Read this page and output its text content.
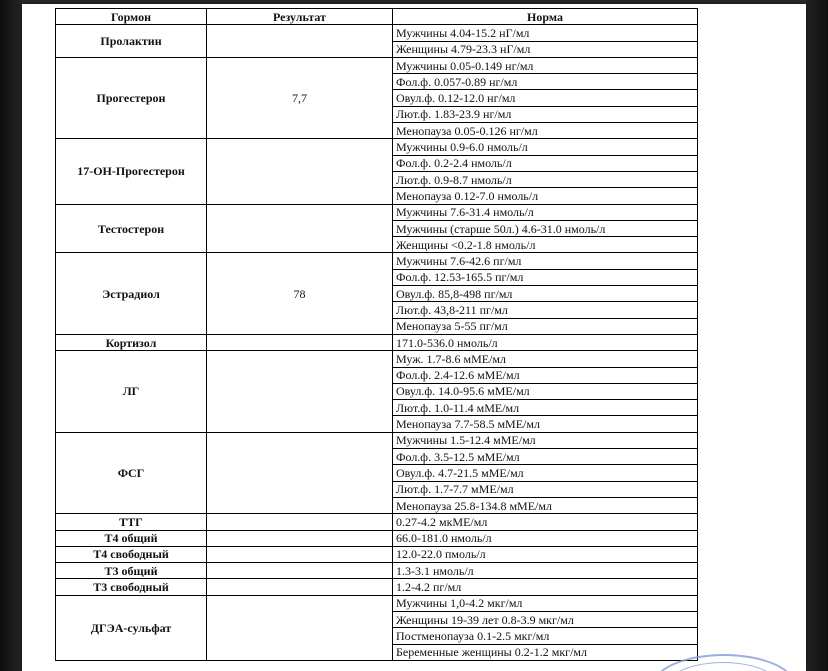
Гормон	Результат	Норма
Пролактин		Мужчины 4.04-15.2 нГ/мл
		Женщины 4.79-23.3 нГ/мл
Прогестерон	7,7	Мужчины 0.05-0.149 нг/мл
		Фол.ф. 0.057-0.89 нг/мл
		Овул.ф. 0.12-12.0 нг/мл
		Лют.ф. 1.83-23.9 нг/мл
		Менопауза 0.05-0.126 нг/мл
17-ОН-Прогестерон		Мужчины 0.9-6.0 нмоль/л
		Фол.ф. 0.2-2.4 нмоль/л
		Лют.ф. 0.9-8.7 нмоль/л
		Менопауза 0.12-7.0 нмоль/л
Тестостерон		Мужчины 7.6-31.4 нмоль/л
		Мужчины (старше 50л.) 4.6-31.0 нмоль/л
		Женщины <0.2-1.8 нмоль/л
Эстрадиол	78	Мужчины 7.6-42.6 пг/мл
		Фол.ф. 12.53-165.5 пг/мл
		Овул.ф. 85,8-498 пг/мл
		Лют.ф. 43,8-211 пг/мл
		Менопауза 5-55 пг/мл
Кортизол		171.0-536.0 нмоль/л
ЛГ		Муж. 1.7-8.6 мМЕ/мл
		Фол.ф. 2.4-12.6 мМЕ/мл
		Овул.ф. 14.0-95.6 мМЕ/мл
		Лют.ф. 1.0-11.4 мМЕ/мл
		Менопауза 7.7-58.5 мМЕ/мл
ФСГ		Мужчины 1.5-12.4 мМЕ/мл
		Фол.ф. 3.5-12.5 мМЕ/мл
		Овул.ф. 4.7-21.5 мМЕ/мл
		Лют.ф. 1.7-7.7 мМЕ/мл
		Менопауза 25.8-134.8 мМЕ/мл
ТТГ		0.27-4.2 мкМЕ/мл
Т4 общий		66.0-181.0 нмоль/л
Т4 свободный		12.0-22.0 пмоль/л
Т3 общий		1.3-3.1 нмоль/л
Т3 свободный		1.2-4.2 пг/мл
ДГЭА-сульфат		Мужчины 1,0-4.2 мкг/мл
		Женщины 19-39 лет 0.8-3.9 мкг/мл
		Постменопауза 0.1-2.5 мкг/мл
		Беременные женщины 0.2-1.2 мкг/мл
